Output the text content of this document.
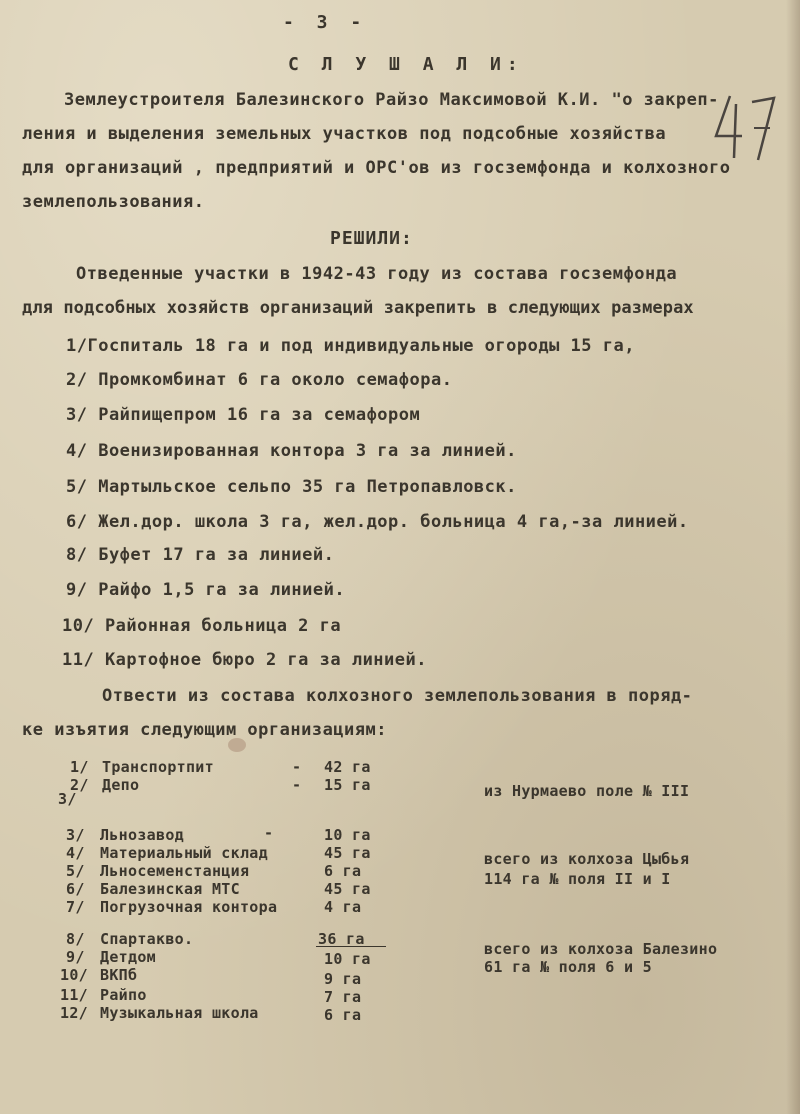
- 3 -
С Л У Ш А Л И:
Землеустроителя Балезинского Райзо Максимовой К.И. "о закреп-
ления и выделения земельных участков под подсобные хозяйства
для организаций , предприятий и ОРС'ов из госземфонда и колхозного
землепользования.
РЕШИЛИ:
Отведенные участки в 1942-43 году из состава госземфонда
для подсобных хозяйств организаций закрепить в следующих размерах
1/Госпиталь 18 га и под индивидуальные огороды 15 га,
2/ Промкомбинат 6 га около семафора.
3/ Райпищепром 16 га за семафором
4/ Военизированная контора 3 га за линией.
5/ Мартыльское сельпо 35 га Петропавловск.
6/ Жел.дор. школа 3 га, жел.дор. больница 4 га,-за линией.
8/ Буфет 17 га за линией.
9/ Райфо 1,5 га за линией.
10/ Районная больница 2 га
11/ Картофное бюро 2 га за линией.
Отвести из состава колхозного землепользования в поряд-
ке изъятия следующим организациям:
1/ Транспортпит	- 42 га
2/ Депо	- 15 га
3/	из Нурмаево поле № III
3/ Льнозавод	-	10 га
4/ Материальный склад	45 га
5/ Льносеменстанция	6 га
6/ Балезинская МТС	45 га
7/ Погрузочная контора	4 га
всего из колхоза Цыбья
114 га № поля II и I
8/ Спартакво.	36 га
9/ Детдом	10 га
10/ ВКПб	9 га
11/ Райпо	7 га
12/ Музыкальная школа	6 га
всего из колхоза Балезино
61 га № поля 6 и 5
